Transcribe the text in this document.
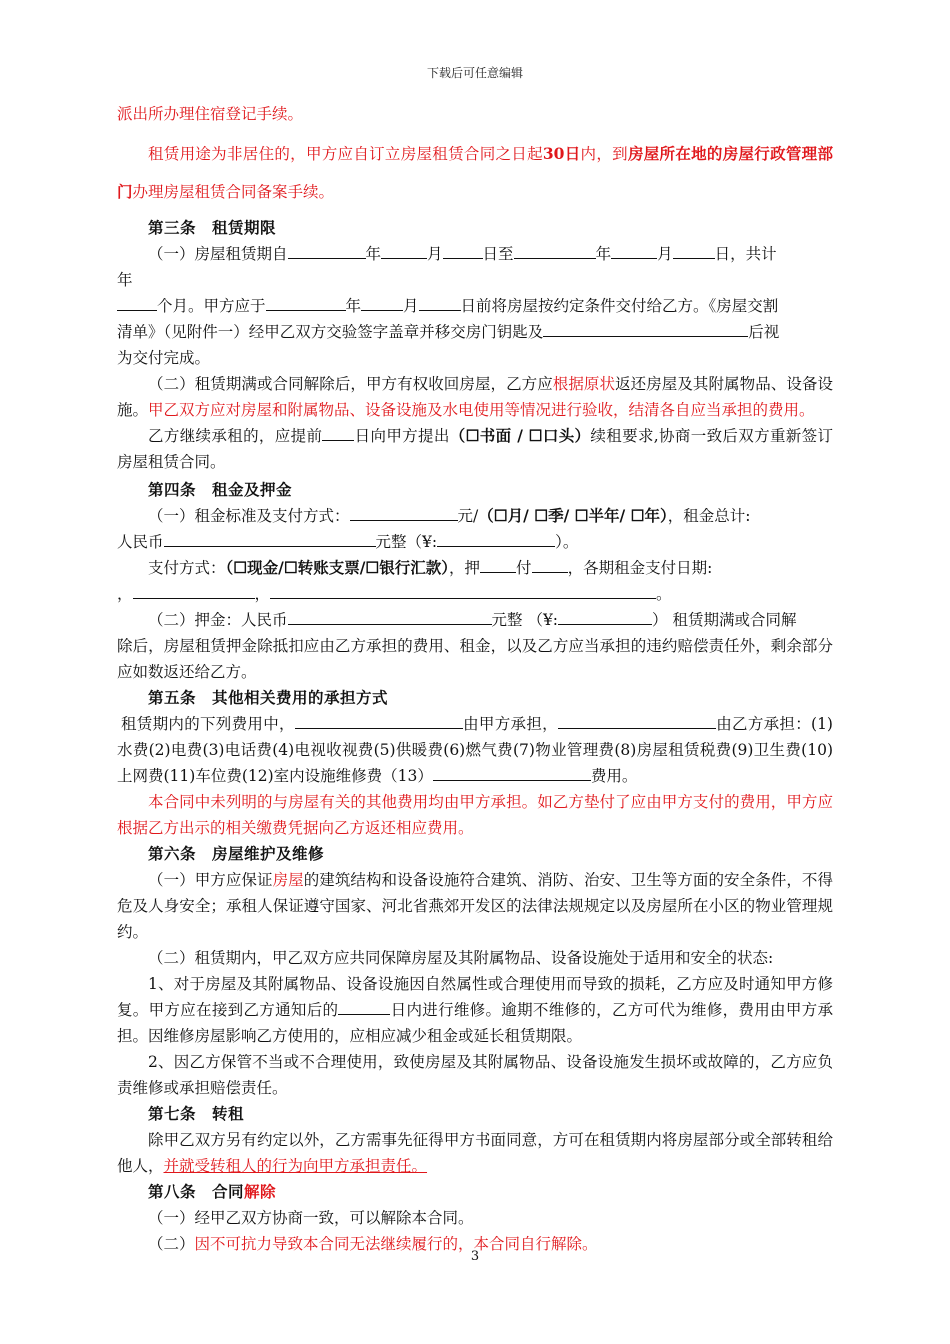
下载后可任意编辑

派出所办理住宿登记手续。

租赁用途为非居住的，甲方应自订立房屋租赁合同之日起30日内，到房屋所在地的房屋行政管理部门办理房屋租赁合同备案手续。

第三条　租赁期限

（一）房屋租赁期自	年	月	日至	年	月	日，共计

年

个月。甲方应于	年	月	日前将房屋按约定条件交付给乙方。《房屋交割

清单》（见附件一）经甲乙双方交验签字盖章并移交房门钥匙及	后视

为交付完成。

（二）租赁期满或合同解除后，甲方有权收回房屋，乙方应根据原状返还房屋及其附属物品、设备设施。甲乙双方应对房屋和附属物品、设备设施及水电使用等情况进行验收，结清各自应当承担的费用。

乙方继续承租的，应提前 日向甲方提出（☐书面 / ☐口头）续租要求,协商一致后双方重新签订房屋租赁合同。

第四条　租金及押金

（一）租金标准及支付方式：	元/（☐月/ ☐季/ ☐半年/ ☐年），租金总计:

人民币	元整（¥:	）。

支付方式：（☐现金/☐转账支票/☐银行汇款），押 付 ，各期租金支付日期:

，	，	。

（二）押金：人民币	元整 （¥:	） 租赁期满或合同解

除后，房屋租赁押金除抵扣应由乙方承担的费用、租金，以及乙方应当承担的违约赔偿责任外，剩余部分应如数返还给乙方。

第五条　其他相关费用的承担方式

租赁期内的下列费用中，	由甲方承担，	由乙方承担：(1)水费(2)电费(3)电话费(4)电视收视费(5)供暖费(6)燃气费(7)物业管理费(8)房屋租赁税费(9)卫生费(10)上网费(11)车位费(12)室内设施维修费（13）	费用。

本合同中未列明的与房屋有关的其他费用均由甲方承担。如乙方垫付了应由甲方支付的费用，甲方应根据乙方出示的相关缴费凭据向乙方返还相应费用。

第六条　房屋维护及维修

（一）甲方应保证房屋的建筑结构和设备设施符合建筑、消防、治安、卫生等方面的安全条件，不得危及人身安全；承租人保证遵守国家、河北省燕郊开发区的法律法规规定以及房屋所在小区的物业管理规约。

（二）租赁期内，甲乙双方应共同保障房屋及其附属物品、设备设施处于适用和安全的状态:

1、对于房屋及其附属物品、设备设施因自然属性或合理使用而导致的损耗，乙方应及时通知甲方修复。甲方应在接到乙方通知后的	日内进行维修。逾期不维修的，乙方可代为维修，费用由甲方承担。因维修房屋影响乙方使用的，应相应减少租金或延长租赁期限。

2、因乙方保管不当或不合理使用，致使房屋及其附属物品、设备设施发生损坏或故障的，乙方应负责维修或承担赔偿责任。

第七条　转租

除甲乙双方另有约定以外，乙方需事先征得甲方书面同意，方可在租赁期内将房屋部分或全部转租给他人，并就受转租人的行为向甲方承担责任。

第八条　合同解除

（一）经甲乙双方协商一致，可以解除本合同。

（二）因不可抗力导致本合同无法继续履行的，本合同自行解除。

3
